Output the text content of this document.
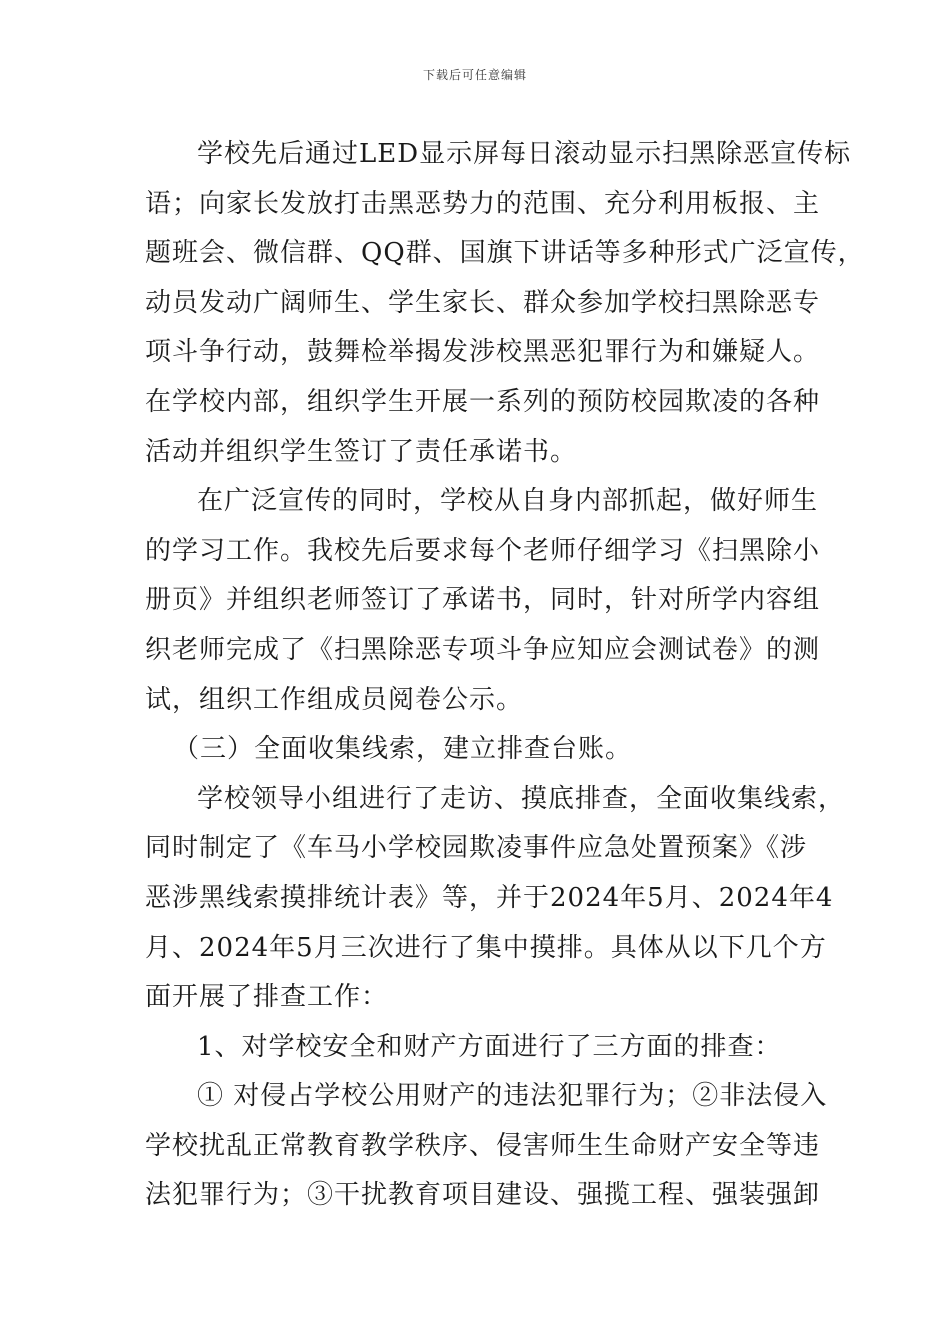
下载后可任意编辑
学校先后通过LED显示屏每日滚动显示扫黑除恶宣传标
语；向家长发放打击黑恶势力的范围、充分利用板报、主
题班会、微信群、QQ群、国旗下讲话等多种形式广泛宣传，
动员发动广阔师生、学生家长、群众参加学校扫黑除恶专
项斗争行动，鼓舞检举揭发涉校黑恶犯罪行为和嫌疑人。
在学校内部，组织学生开展一系列的预防校园欺凌的各种
活动并组织学生签订了责任承诺书。
在广泛宣传的同时，学校从自身内部抓起，做好师生
的学习工作。我校先后要求每个老师仔细学习《扫黑除小
册页》并组织老师签订了承诺书，同时，针对所学内容组
织老师完成了《扫黑除恶专项斗争应知应会测试卷》的测
试，组织工作组成员阅卷公示。
（三）全面收集线索，建立排查台账。
学校领导小组进行了走访、摸底排查，全面收集线索，
同时制定了《车马小学校园欺凌事件应急处置预案》《涉
恶涉黑线索摸排统计表》等，并于2024年5月、2024年4
月、2024年5月三次进行了集中摸排。具体从以下几个方
面开展了排查工作：
1、对学校安全和财产方面进行了三方面的排查：
① 对侵占学校公用财产的违法犯罪行为；②非法侵入
学校扰乱正常教育教学秩序、侵害师生生命财产安全等违
法犯罪行为；③干扰教育项目建设、强揽工程、强装强卸
